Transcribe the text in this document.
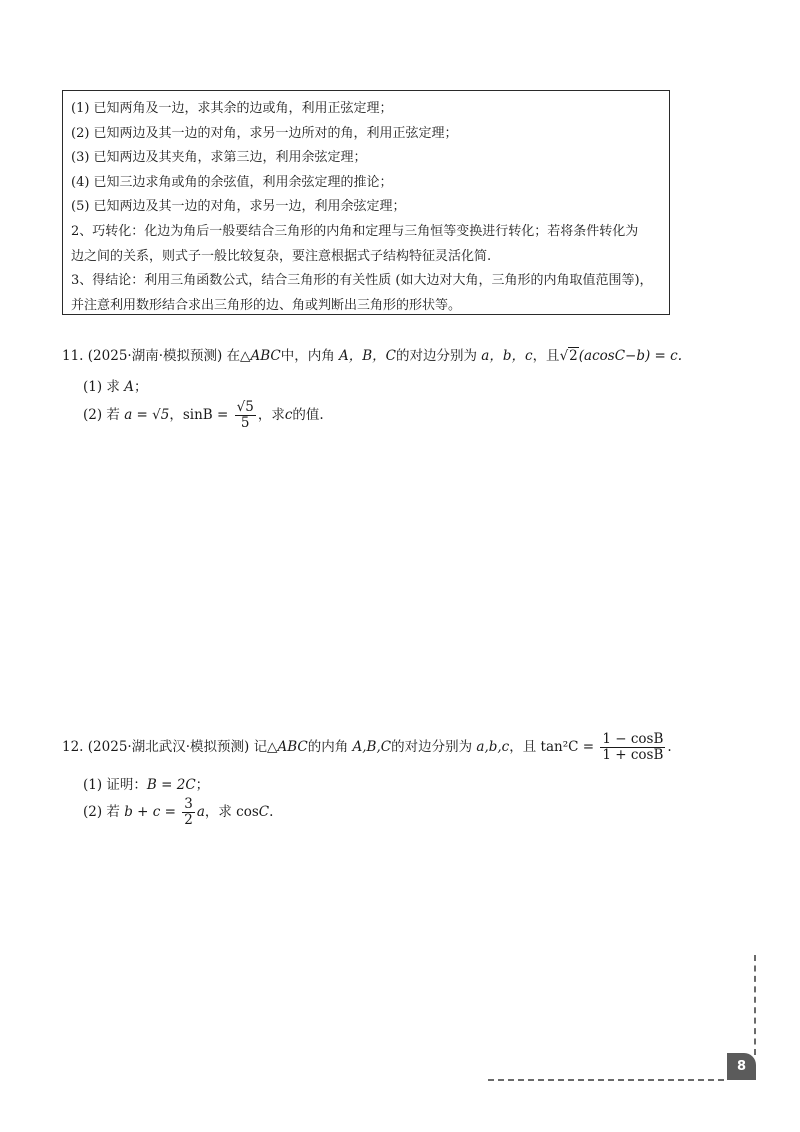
(1) 已知两角及一边，求其余的边或角，利用正弦定理；
(2) 已知两边及其一边的对角，求另一边所对的角，利用正弦定理；
(3) 已知两边及其夹角，求第三边，利用余弦定理；
(4) 已知三边求角或角的余弦值，利用余弦定理的推论；
(5) 已知两边及其一边的对角，求另一边，利用余弦定理；
2、巧转化：化边为角后一般要结合三角形的内角和定理与三角恒等变换进行转化；若将条件转化为
边之间的关系，则式子一般比较复杂，要注意根据式子结构特征灵活化简.
3、得结论：利用三角函数公式，结合三角形的有关性质 (如大边对大角，三角形的内角取值范围等)，
并注意利用数形结合求出三角形的边、角或判断出三角形的形状等。
11. (2025·湖南·模拟预测) 在△ABC中，内角 A，B，C的对边分别为 a，b，c，且√2(acosC−b) = c.
(1) 求 A；
(2) 若 a = √5，$\sin B = \frac{√5}{5}$ ，求c的值.
12. (2025·湖北武汉·模拟预测) 记△ABC的内角 A,B,C的对边分别为 a,b,c，且 $\tan^2C = \frac{1 - \cos B}{1 + \cos B}$ .
(1) 证明：B = 2C；
(2) 若 $b + c = \frac{3}{2}$ a，求 cosC.
8
